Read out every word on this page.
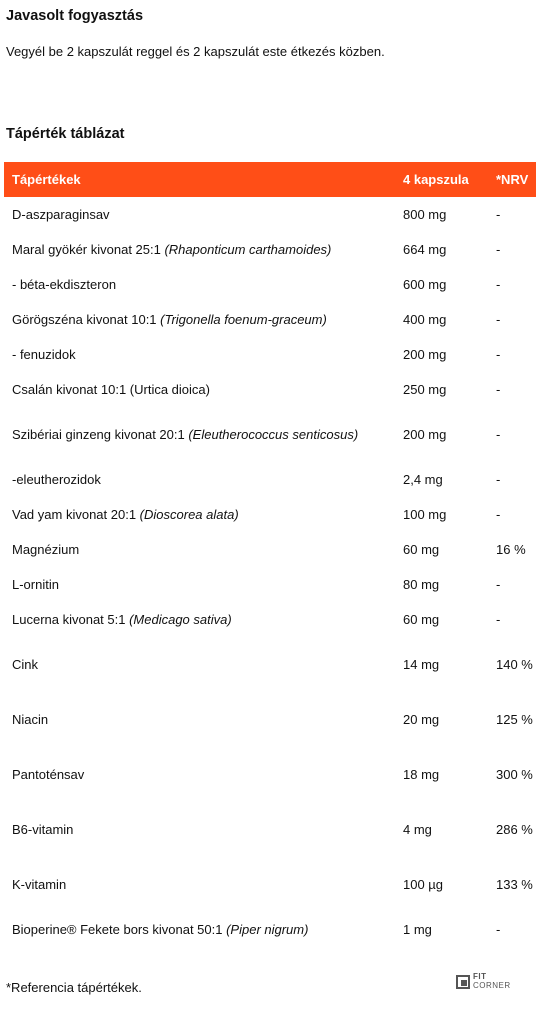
Javasolt fogyasztás
Vegyél be 2 kapszulát reggel és 2 kapszulát este étkezés közben.
Tápérték táblázat
Tápértékek	4 kapszula	*NRV
D-aszparaginsav	800 mg	-
Maral gyökér kivonat 25:1 (Rhaponticum carthamoides)	664 mg	-
- béta-ekdiszteron	600 mg	-
Görögszéna kivonat 10:1 (Trigonella foenum-graceum)	400 mg	-
- fenuzidok	200 mg	-
Csalán kivonat 10:1 (Urtica dioica)	250 mg	-
Szibériai ginzeng kivonat 20:1 (Eleutherococcus senticosus)	200 mg	-
-eleutherozidok	2,4 mg	-
Vad yam kivonat 20:1 (Dioscorea alata)	100 mg	-
Magnézium	60 mg	16 %
L-ornitin	80 mg	-
Lucerna kivonat 5:1 (Medicago sativa)	60 mg	-
Cink	14 mg	140 %
Niacin	20 mg	125 %
Pantoténsav	18 mg	300 %
B6-vitamin	4 mg	286 %
K-vitamin	100 µg	133 %
Bioperine® Fekete bors kivonat 50:1 (Piper nigrum)	1 mg	-
*Referencia tápértékek.
FIT
CORNER
